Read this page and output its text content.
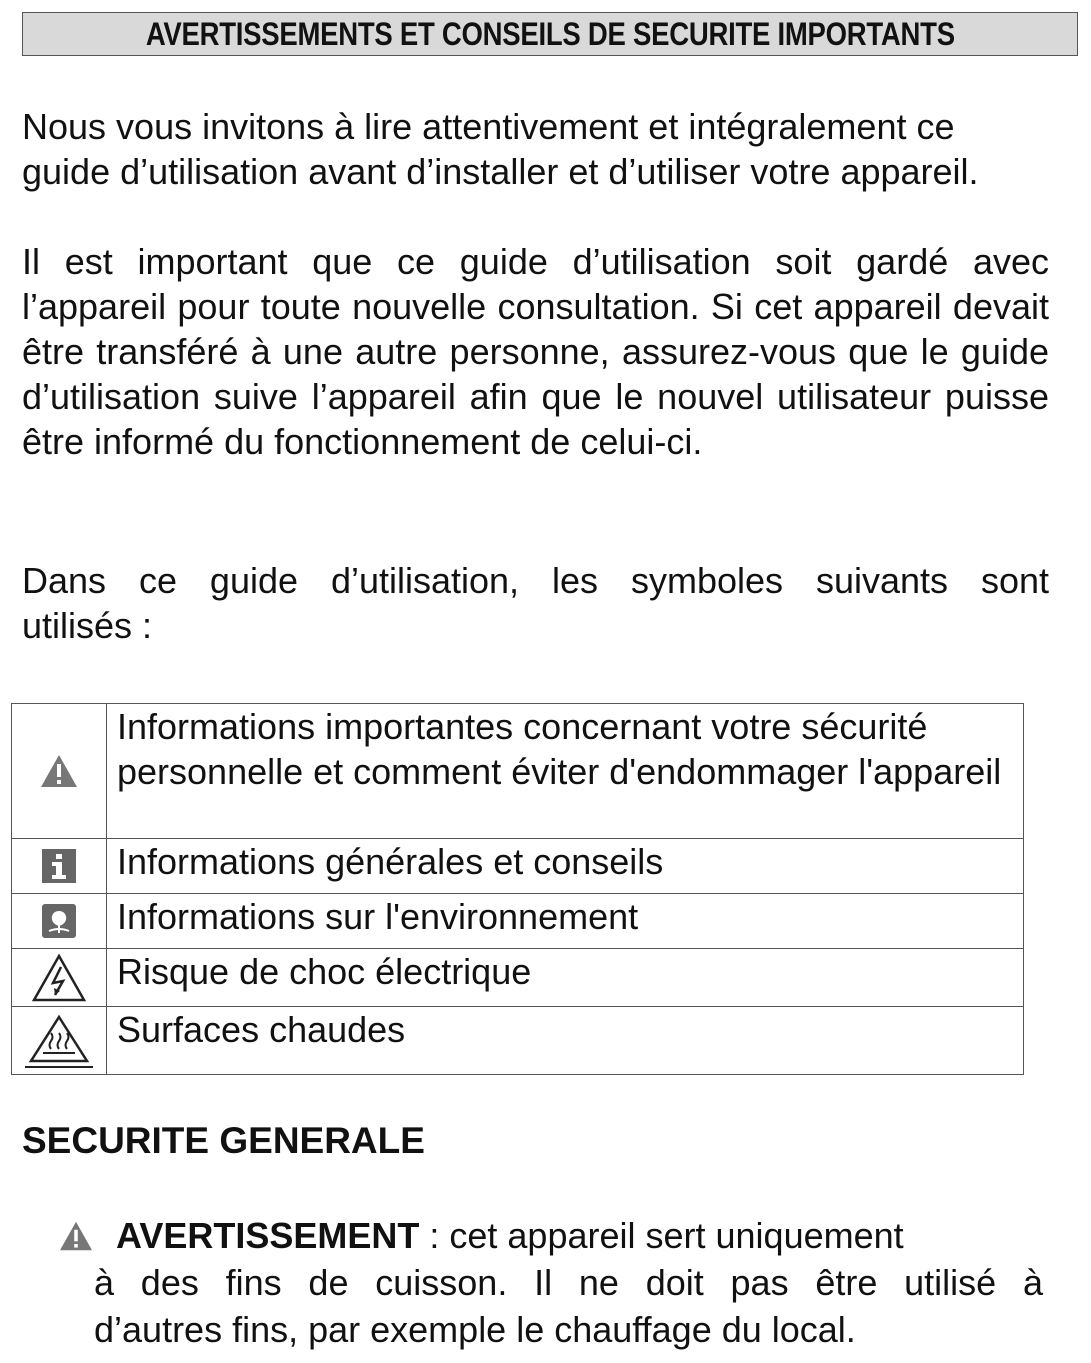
AVERTISSEMENTS ET CONSEILS DE SECURITE IMPORTANTS

Nous vous invitons à lire attentivement et intégralement ce guide d’utilisation avant d’installer et d’utiliser votre appareil.

Il est important que ce guide d’utilisation soit gardé avec l’appareil pour toute nouvelle consultation. Si cet appareil devait être transféré à une autre personne, assurez-vous que le guide d’utilisation suive l’appareil afin que le nouvel utilisateur puisse être informé du fonctionnement de celui-ci.

Dans ce guide d’utilisation, les symboles suivants sont
utilisés :

	Informations importantes concernant votre sécurité personnelle et comment éviter d'endommager l'appareil

	Informations générales et conseils

	Informations sur l'environnement

	Risque de choc électrique

	Surfaces chaudes
SECURITE GENERALE
AVERTISSEMENT : cet appareil sert uniquement
à des fins de cuisson. Il ne doit pas être utilisé à
d’autres fins, par exemple le chauffage du local.
